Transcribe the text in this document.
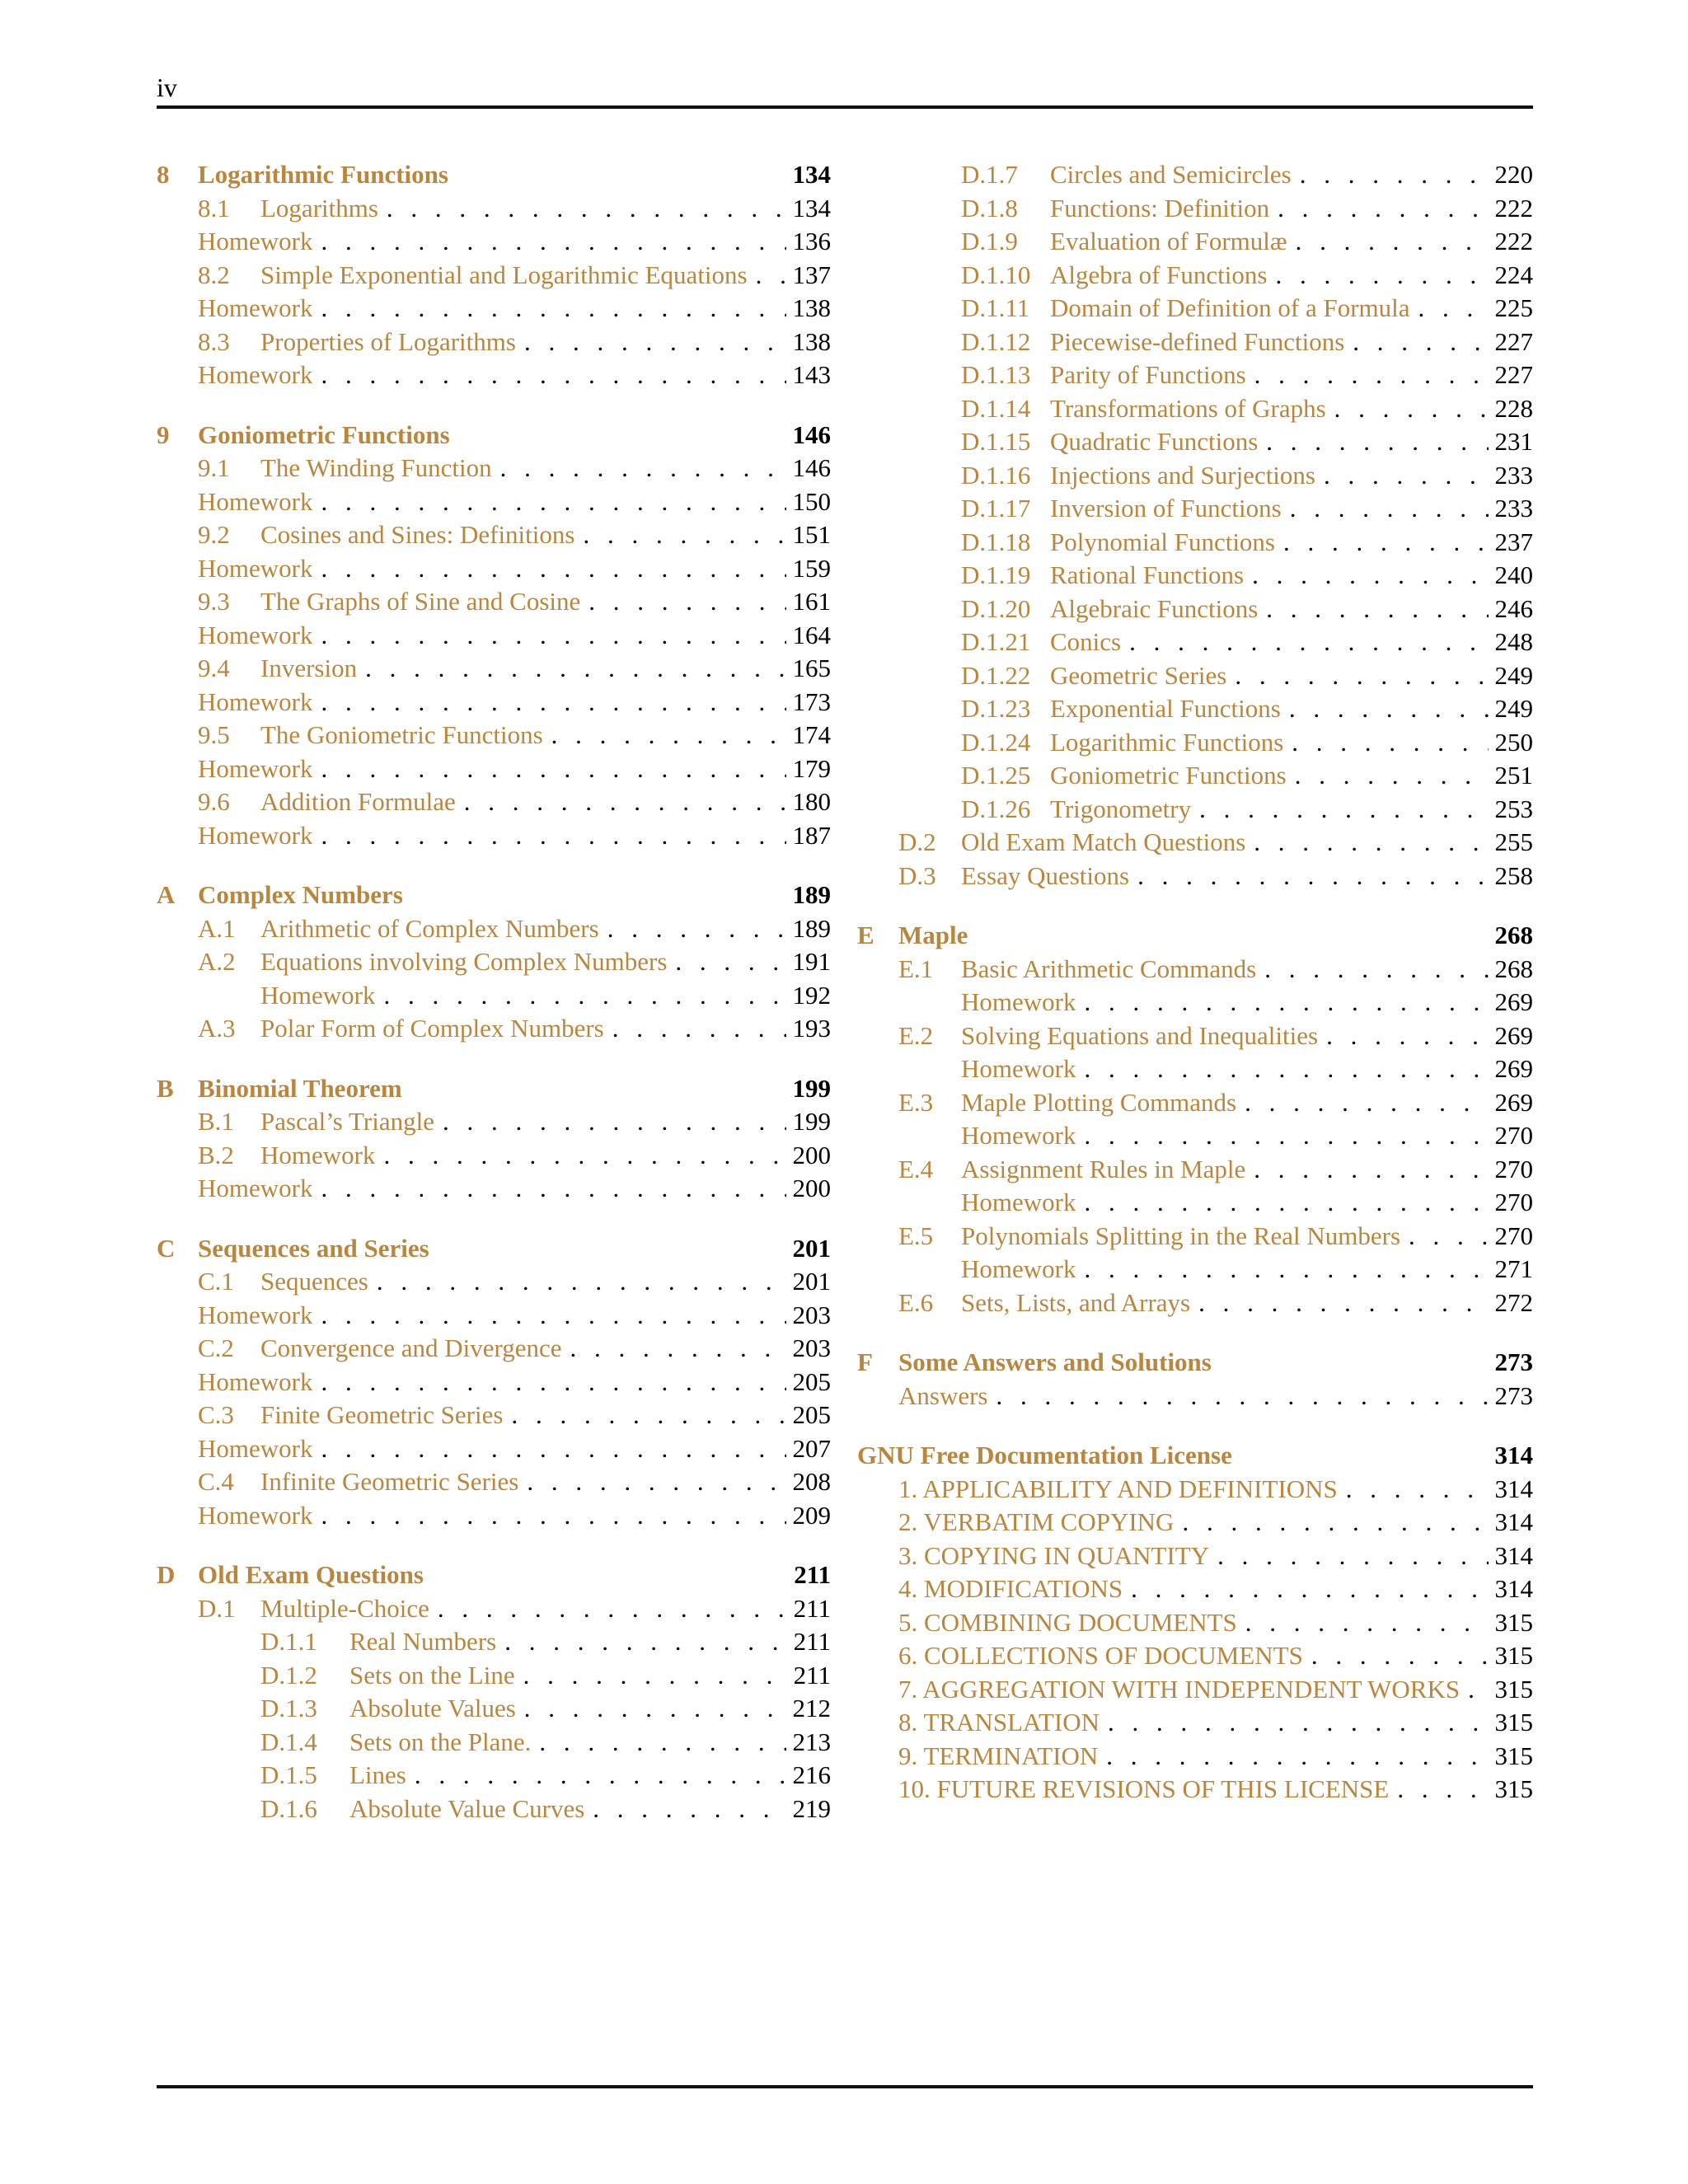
iv
8	Logarithmic Functions	134
8.1	Logarithms . . .	134
Homework . . .	136
8.2	Simple Exponential and Logarithmic Equations . . . 137
Homework . . .	138
8.3	Properties of Logarithms . . .	138
Homework . . .	143
9	Goniometric Functions	146
9.1	The Winding Function . . .	146
Homework . . .	150
9.2	Cosines and Sines: Definitions . . .	151
Homework . . .	159
9.3	The Graphs of Sine and Cosine . . .	161
Homework . . .	164
9.4	Inversion . . .	165
Homework . . .	173
9.5	The Goniometric Functions . . .	174
Homework . . .	179
9.6	Addition Formulae . . .	180
Homework . . .	187
A Complex Numbers	189
A.1 Arithmetic of Complex Numbers . . .	189
A.2 Equations involving Complex Numbers . . .	191
Homework . . .	192
A.3 Polar Form of Complex Numbers . . .	193
B Binomial Theorem	199
B.1	Pascal’s Triangle . . .	199
B.2	Homework . . .	200
Homework . . .	200
C Sequences and Series	201
C.1	Sequences . . .	201
Homework . . .	203
C.2	Convergence and Divergence . . .	203
Homework . . .	205
C.3	Finite Geometric Series . . .	205
Homework . . .	207
C.4	Infinite Geometric Series . . .	208
Homework . . .	209
D Old Exam Questions	211
D.1 Multiple-Choice . . .	211
D.1.1	Real Numbers . . .	211
D.1.2	Sets on the Line . . .	211
D.1.3	Absolute Values . . .	212
D.1.4	Sets on the Plane. . . .	213
D.1.5	Lines . . .	216
D.1.6	Absolute Value Curves . . .	219
D.1.7	Circles and Semicircles . . .	220
D.1.8	Functions: Definition . . .	222
D.1.9	Evaluation of Formulæ . . .	222
D.1.10 Algebra of Functions . . .	224
D.1.11 Domain of Definition of a Formula . . .	225
D.1.12 Piecewise-defined Functions . . .	227
D.1.13 Parity of Functions . . .	227
D.1.14 Transformations of Graphs . . .	228
D.1.15 Quadratic Functions . . .	231
D.1.16 Injections and Surjections . . .	233
D.1.17 Inversion of Functions . . .	233
D.1.18 Polynomial Functions . . .	237
D.1.19 Rational Functions . . .	240
D.1.20 Algebraic Functions . . .	246
D.1.21 Conics . . .	248
D.1.22 Geometric Series . . .	249
D.1.23 Exponential Functions . . .	249
D.1.24 Logarithmic Functions . . .	250
D.1.25 Goniometric Functions . . .	251
D.1.26 Trigonometry . . .	253
D.2 Old Exam Match Questions . . .	255
D.3 Essay Questions . . .	258
E Maple	268
E.1	Basic Arithmetic Commands . . .	268
Homework . . .	269
E.2	Solving Equations and Inequalities . . .	269
Homework . . .	269
E.3	Maple Plotting Commands . . .	269
Homework . . .	270
E.4	Assignment Rules in Maple . . .	270
Homework . . .	270
E.5	Polynomials Splitting in the Real Numbers . . .	270
Homework . . .	271
E.6	Sets, Lists, and Arrays . . .	272
F	Some Answers and Solutions	273
Answers . . .	273
GNU Free Documentation License	314
1. APPLICABILITY AND DEFINITIONS . . .	314
2. VERBATIM COPYING . . .	314
3. COPYING IN QUANTITY . . .	314
4. MODIFICATIONS . . .	314
5. COMBINING DOCUMENTS . . .	315
6. COLLECTIONS OF DOCUMENTS . . .	315
7. AGGREGATION WITH INDEPENDENT WORKS . . . 315
8. TRANSLATION . . .	315
9. TERMINATION . . .	315
10. FUTURE REVISIONS OF THIS LICENSE . . .	315
